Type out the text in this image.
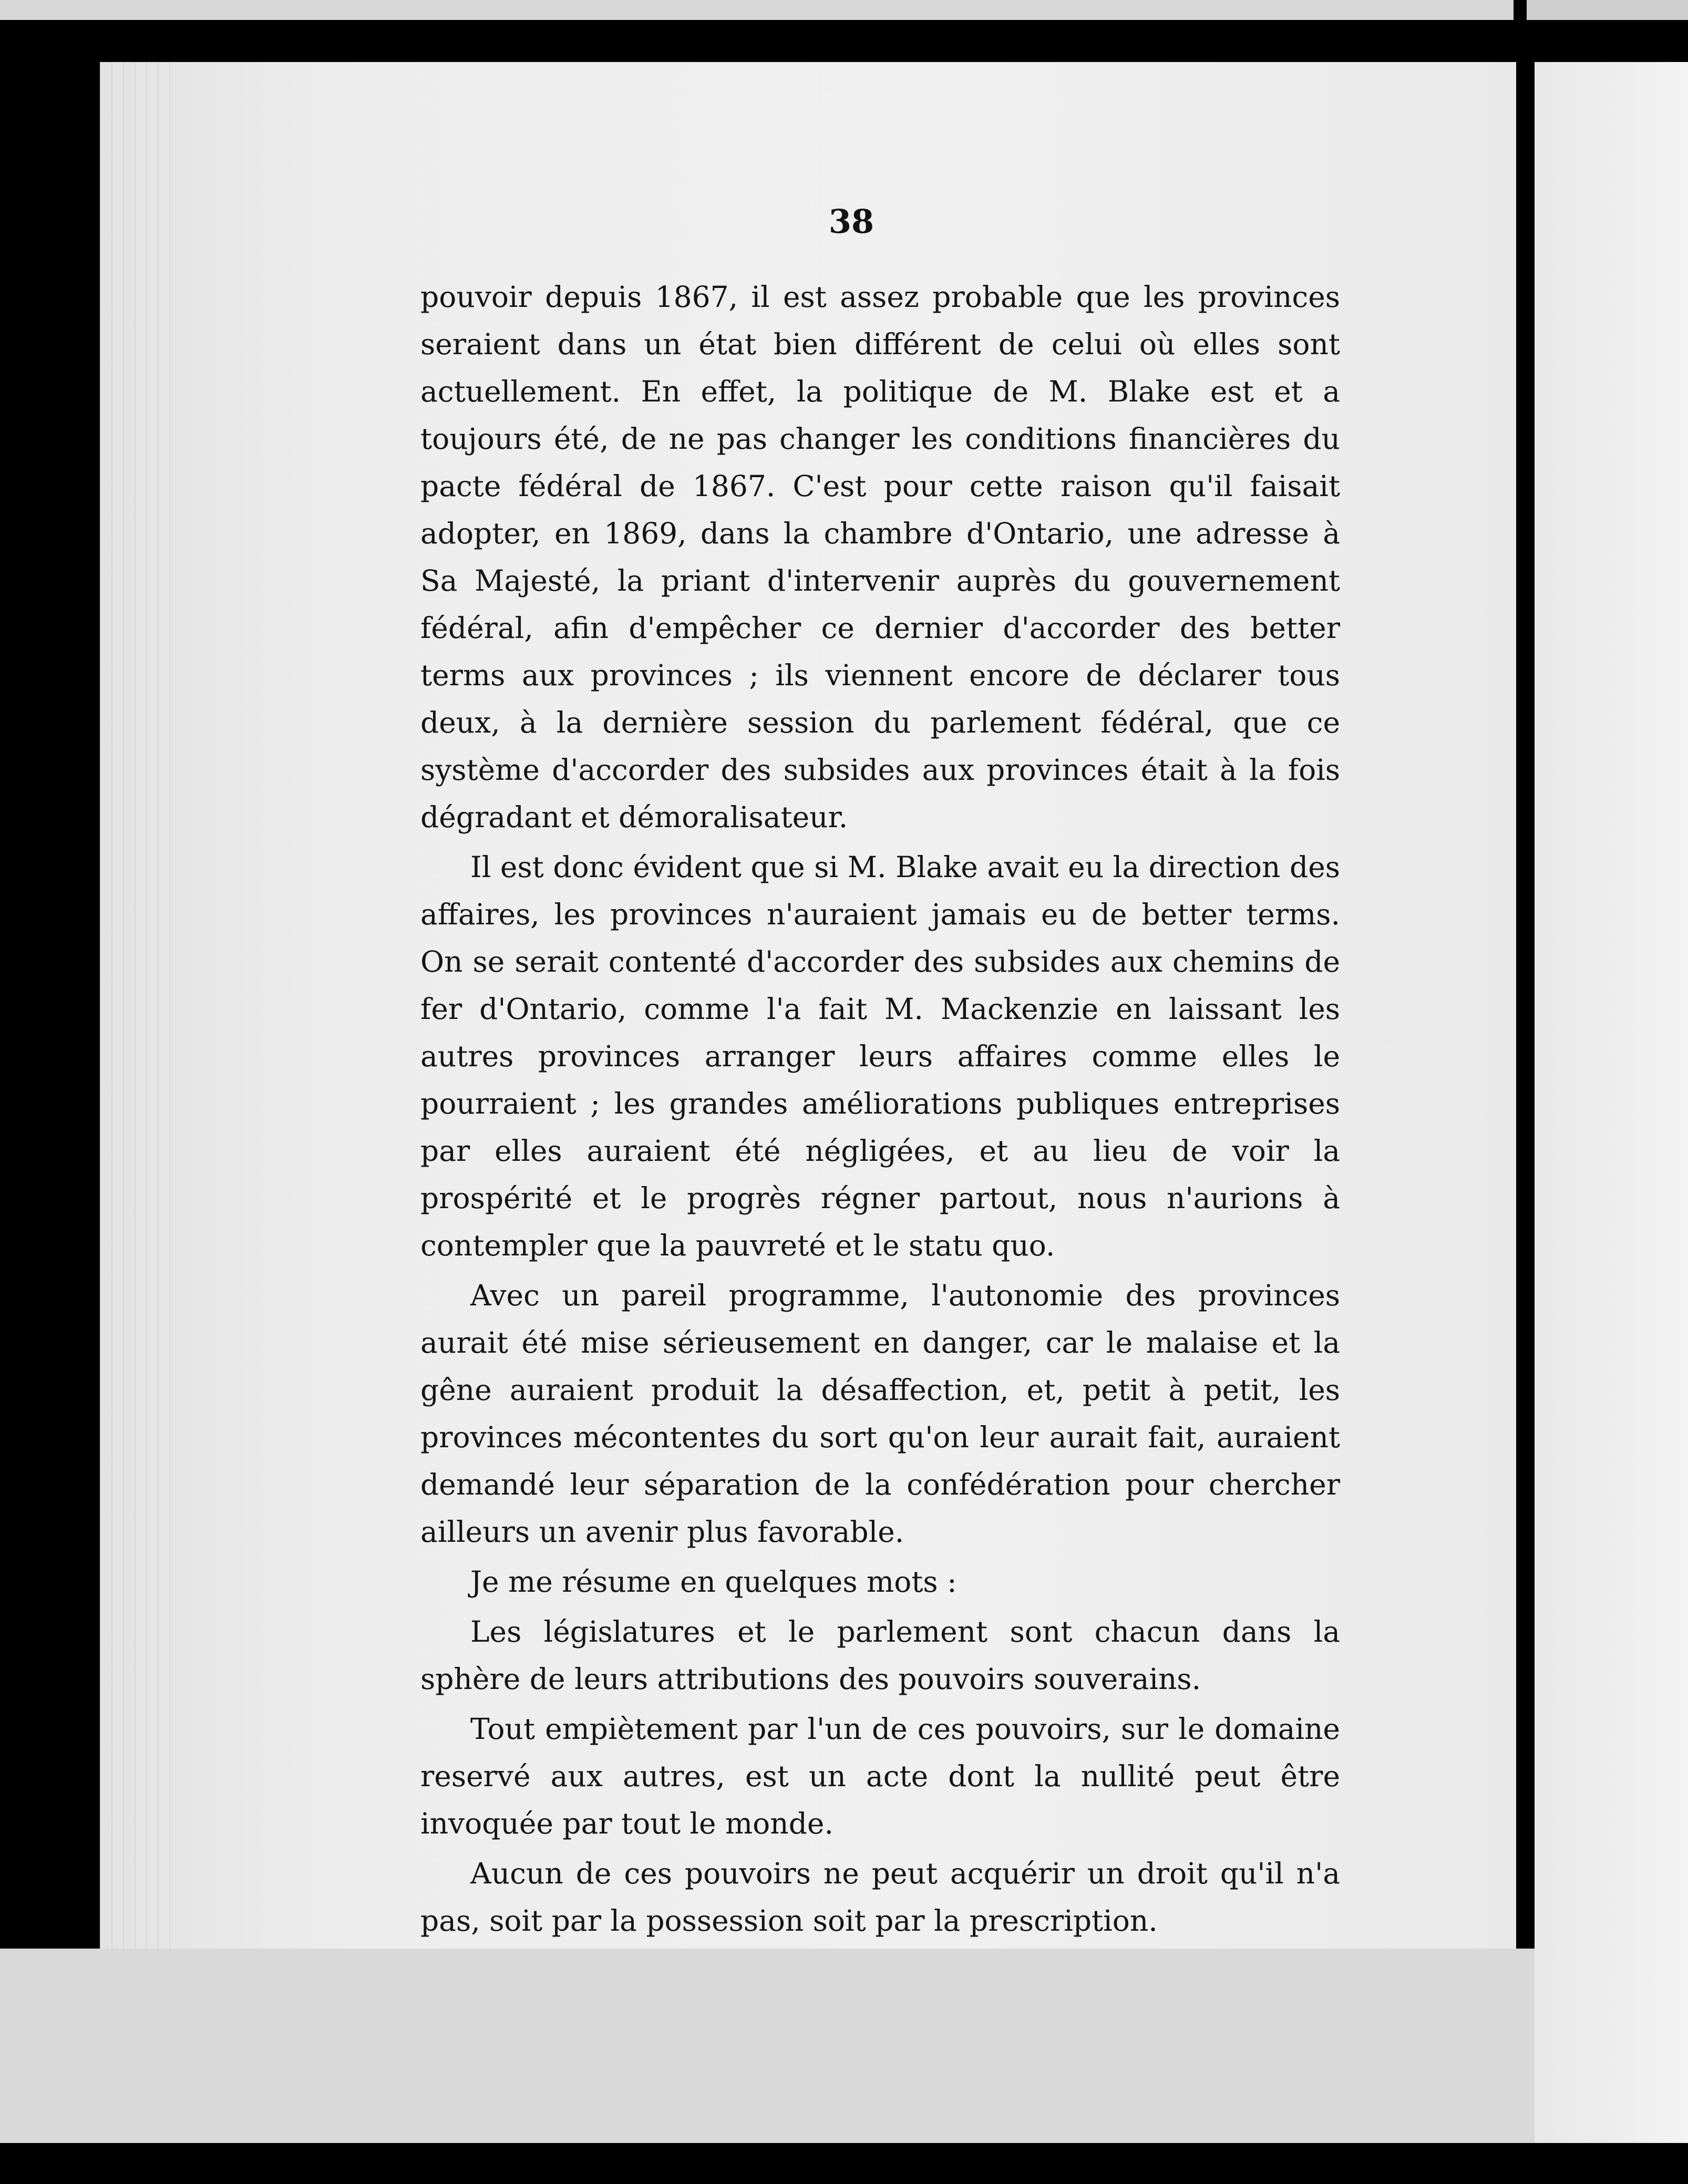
38

pouvoir depuis 1867, il est assez probable que les provinces seraient dans un état bien différent de celui où elles sont actuellement. En effet, la politique de M. Blake est et a toujours été, de ne pas changer les conditions financières du pacte fédéral de 1867. C'est pour cette raison qu'il faisait adopter, en 1869, dans la chambre d'Ontario, une adresse à Sa Majesté, la priant d'intervenir auprès du gouvernement fédéral, afin d'empêcher ce dernier d'accorder des better terms aux provinces ; ils viennent encore de déclarer tous deux, à la dernière session du parlement fédéral, que ce système d'accorder des subsides aux provinces était à la fois dégradant et démoralisateur.

Il est donc évident que si M. Blake avait eu la direction des affaires, les provinces n'auraient jamais eu de better terms. On se serait contenté d'accorder des subsides aux chemins de fer d'Ontario, comme l'a fait M. Mackenzie en laissant les autres provinces arranger leurs affaires comme elles le pourraient ; les grandes améliorations publiques entreprises par elles auraient été négligées, et au lieu de voir la prospérité et le progrès régner partout, nous n'aurions à contempler que la pauvreté et le statu quo.

Avec un pareil programme, l'autonomie des provinces aurait été mise sérieusement en danger, car le malaise et la gêne auraient produit la désaffection, et, petit à petit, les provinces mécontentes du sort qu'on leur aurait fait, auraient demandé leur séparation de la confédération pour chercher ailleurs un avenir plus favorable.

Je me résume en quelques mots :

Les législatures et le parlement sont chacun dans la sphère de leurs attributions des pouvoirs souverains.

Tout empiètement par l'un de ces pouvoirs, sur le domaine reservé aux autres, est un acte dont la nullité peut être invoquée par tout le monde.

Aucun de ces pouvoirs ne peut acquérir un droit qu'il n'a pas, soit par la possession soit par la prescription.
